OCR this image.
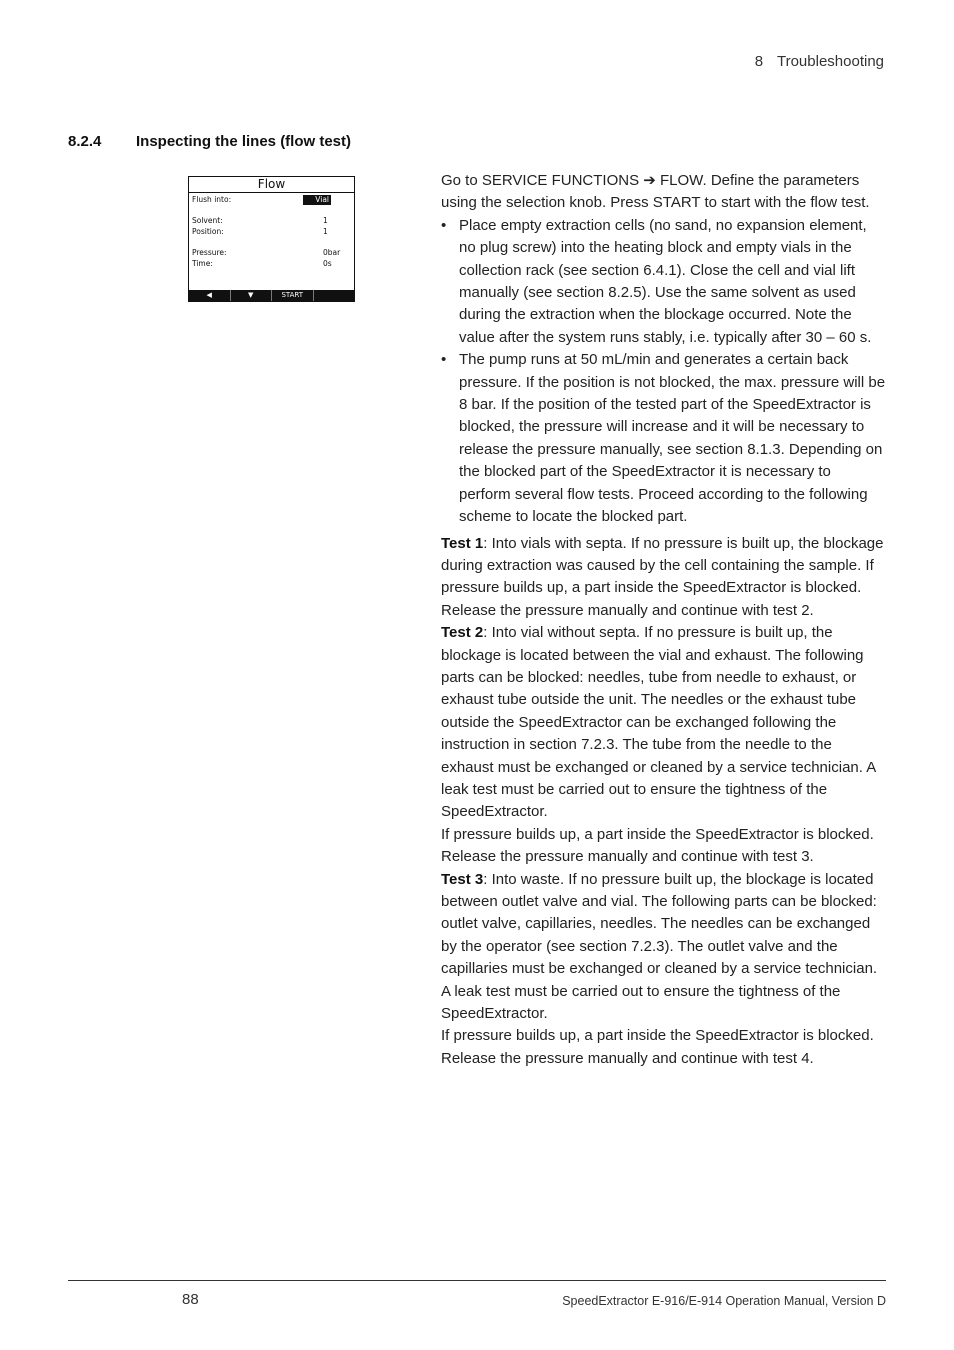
8 Troubleshooting
8.2.4 Inspecting the lines (flow test)
Flow
Flush into:	Vial
Solvent:	1
Position:	1
Pressure:	0bar
Time:	0s
◀	▼	START

Go to SERVICE FUNCTIONS ➔ FLOW. Define the parameters using the selection knob. Press START to start with the flow test.

• Place empty extraction cells (no sand, no expansion element, no plug screw) into the heating block and empty vials in the collection rack (see section 6.4.1). Close the cell and vial lift manually (see section 8.2.5). Use the same solvent as used during the extraction when the blockage occurred. Note the value after the system runs stably, i.e. typically after 30 – 60 s.
• The pump runs at 50 mL/min and generates a certain back pressure. If the position is not blocked, the max. pressure will be 8 bar. If the position of the tested part of the SpeedExtractor is blocked, the pressure will increase and it will be necessary to release the pressure manually, see section 8.1.3. Depending on the blocked part of the SpeedExtractor it is necessary to perform several flow tests. Proceed according to the following scheme to locate the blocked part.

Test 1: Into vials with septa. If no pressure is built up, the blockage during extraction was caused by the cell containing the sample. If pressure builds up, a part inside the SpeedExtractor is blocked. Release the pressure manually and continue with test 2.

Test 2: Into vial without septa. If no pressure is built up, the blockage is located between the vial and exhaust. The following parts can be blocked: needles, tube from needle to exhaust, or exhaust tube outside the unit. The needles or the exhaust tube outside the SpeedExtractor can be exchanged following the instruction in section 7.2.3. The tube from the needle to the exhaust must be exchanged or cleaned by a service technician. A leak test must be carried out to ensure the tightness of the SpeedExtractor.

If pressure builds up, a part inside the SpeedExtractor is blocked. Release the pressure manually and continue with test 3.

Test 3: Into waste. If no pressure built up, the blockage is located between outlet valve and vial. The following parts can be blocked: outlet valve, capillaries, needles. The needles can be exchanged by the operator (see section 7.2.3). The outlet valve and the capillaries must be exchanged or cleaned by a service technician. A leak test must be carried out to ensure the tightness of the SpeedExtractor.

If pressure builds up, a part inside the SpeedExtractor is blocked. Release the pressure manually and continue with test 4.

88	SpeedExtractor E-916/E-914 Operation Manual, Version D
